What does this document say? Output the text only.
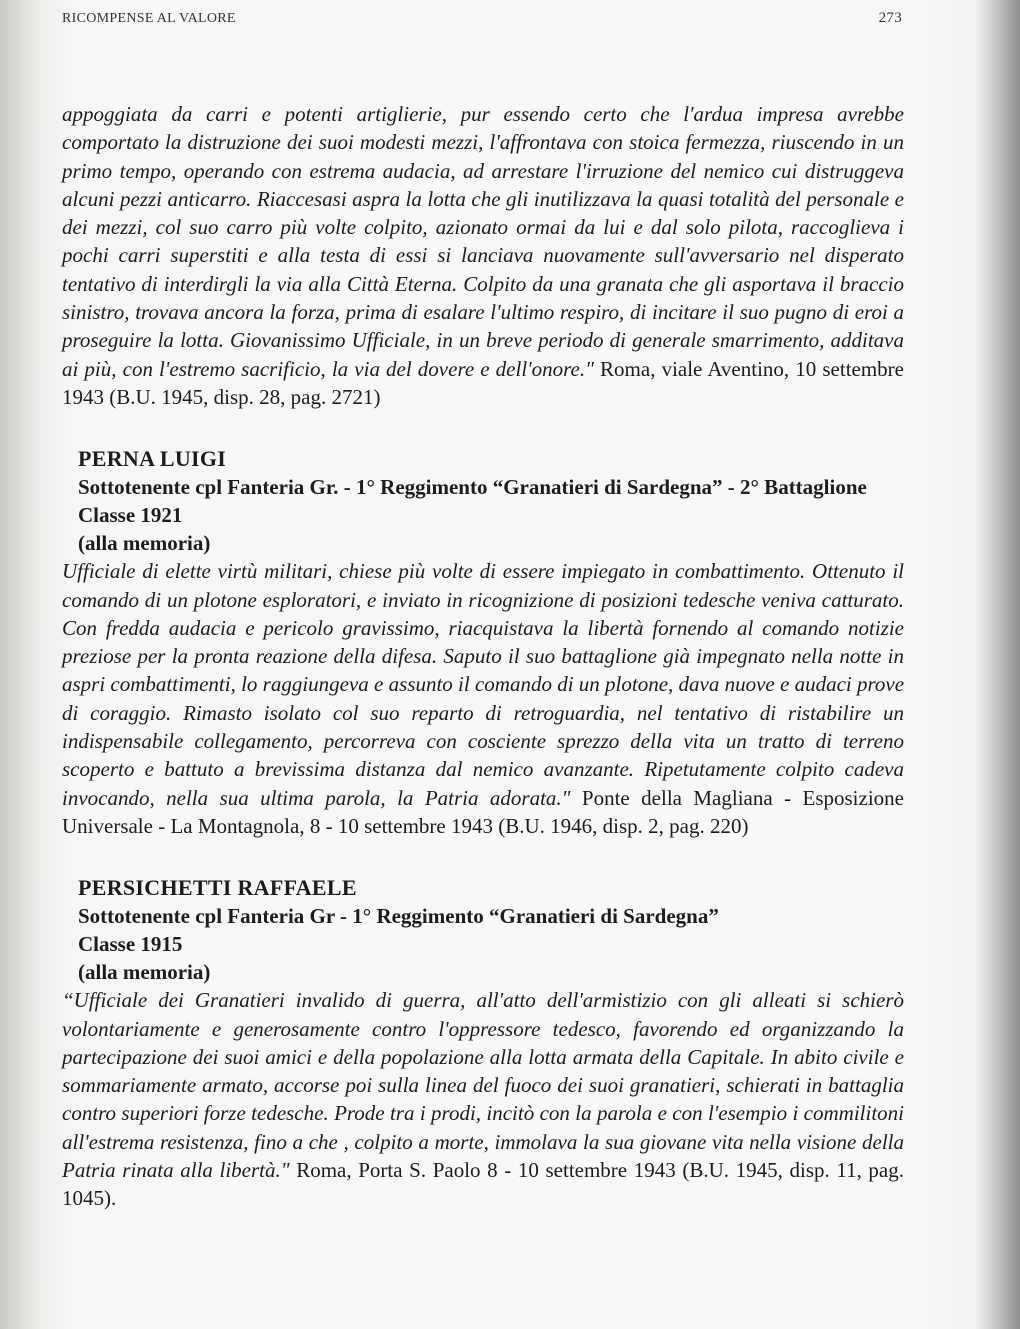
RICOMPENSE AL VALORE	273

appoggiata da carri e potenti artiglierie, pur essendo certo che l'ardua impresa avrebbe comportato la distruzione dei suoi modesti mezzi, l'affrontava con stoica fermezza, riuscendo in un primo tempo, operando con estrema audacia, ad arrestare l'irruzione del nemico cui distruggeva alcuni pezzi anticarro. Riaccesasi aspra la lotta che gli inutilizzava la quasi totalità del personale e dei mezzi, col suo carro più volte colpito, azionato ormai da lui e dal solo pilota, raccoglieva i pochi carri superstiti e alla testa di essi si lanciava nuovamente sull'avversario nel disperato tentativo di interdirgli la via alla Città Eterna. Colpito da una granata che gli asportava il braccio sinistro, trovava ancora la forza, prima di esalare l'ultimo respiro, di incitare il suo pugno di eroi a proseguire la lotta. Giovanissimo Ufficiale, in un breve periodo di generale smarrimento, additava ai più, con l'estremo sacrificio, la via del dovere e dell'onore." Roma, viale Aventino, 10 settembre 1943 (B.U. 1945, disp. 28, pag. 2721)

PERNA LUIGI
Sottotenente cpl Fanteria Gr. - 1° Reggimento “Granatieri di Sardegna” - 2° Battaglione
Classe 1921
(alla memoria)

Ufficiale di elette virtù militari, chiese più volte di essere impiegato in combattimento. Ottenuto il comando di un plotone esploratori, e inviato in ricognizione di posizioni tedesche veniva catturato. Con fredda audacia e pericolo gravissimo, riacquistava la libertà fornendo al comando notizie preziose per la pronta reazione della difesa. Saputo il suo battaglione già impegnato nella notte in aspri combattimenti, lo raggiungeva e assunto il comando di un plotone, dava nuove e audaci prove di coraggio. Rimasto isolato col suo reparto di retroguardia, nel tentativo di ristabilire un indispensabile collegamento, percorreva con cosciente sprezzo della vita un tratto di terreno scoperto e battuto a brevissima distanza dal nemico avanzante. Ripetutamente colpito cadeva invocando, nella sua ultima parola, la Patria adorata." Ponte della Magliana - Esposizione Universale - La Montagnola, 8 - 10 settembre 1943 (B.U. 1946, disp. 2, pag. 220)

PERSICHETTI RAFFAELE
Sottotenente cpl Fanteria Gr - 1° Reggimento “Granatieri di Sardegna”
Classe 1915
(alla memoria)

“Ufficiale dei Granatieri invalido di guerra, all'atto dell'armistizio con gli alleati si schierò volontariamente e generosamente contro l'oppressore tedesco, favorendo ed organizzando la partecipazione dei suoi amici e della popolazione alla lotta armata della Capitale. In abito civile e sommariamente armato, accorse poi sulla linea del fuoco dei suoi granatieri, schierati in battaglia contro superiori forze tedesche. Prode tra i prodi, incitò con la parola e con l'esempio i commilitoni all'estrema resistenza, fino a che , colpito a morte, immolava la sua giovane vita nella visione della Patria rinata alla libertà." Roma, Porta S. Paolo 8 - 10 settembre 1943 (B.U. 1945, disp. 11, pag. 1045).
